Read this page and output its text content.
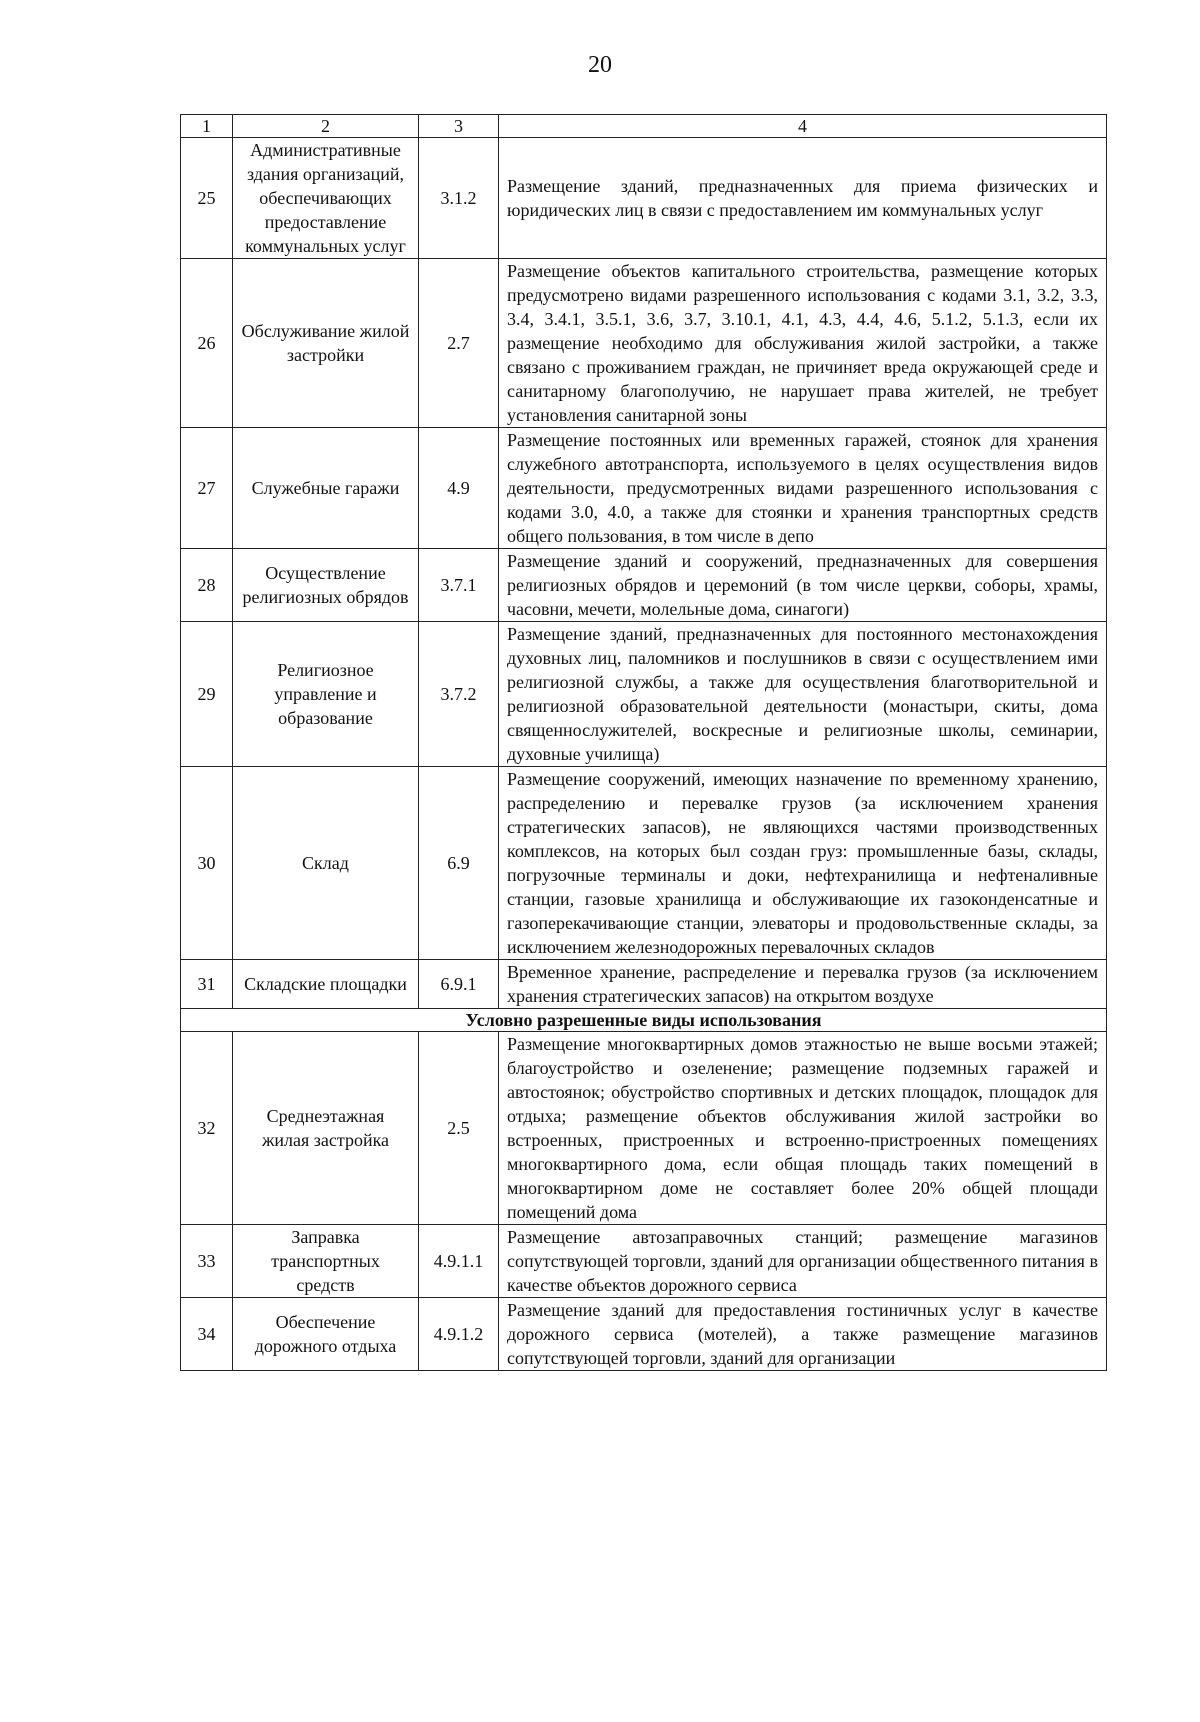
20
1	2	3	4
25	Административные здания организаций, обеспечивающих предоставление коммунальных услуг	3.1.2	Размещение зданий, предназначенных для приема физических и юридических лиц в связи с предоставлением им коммунальных услуг
26	Обслуживание жилой застройки	2.7	Размещение объектов капитального строительства, размещение которых предусмотрено видами разрешенного использования с кодами 3.1, 3.2, 3.3, 3.4, 3.4.1, 3.5.1, 3.6, 3.7, 3.10.1, 4.1, 4.3, 4.4, 4.6, 5.1.2, 5.1.3, если их размещение необходимо для обслуживания жилой застройки, а также связано с проживанием граждан, не причиняет вреда окружающей среде и санитарному благополучию, не нарушает права жителей, не требует установления санитарной зоны
27	Служебные гаражи	4.9	Размещение постоянных или временных гаражей, стоянок для хранения служебного автотранспорта, используемого в целях осуществления видов деятельности, предусмотренных видами разрешенного использования с кодами 3.0, 4.0, а также для стоянки и хранения транспортных средств общего пользования, в том числе в депо
28	Осуществление религиозных обрядов	3.7.1	Размещение зданий и сооружений, предназначенных для совершения религиозных обрядов и церемоний (в том числе церкви, соборы, храмы, часовни, мечети, молельные дома, синагоги)
29	Религиозное управление и образование	3.7.2	Размещение зданий, предназначенных для постоянного местонахождения духовных лиц, паломников и послушников в связи с осуществлением ими религиозной службы, а также для осуществления благотворительной и религиозной образовательной деятельности (монастыри, скиты, дома священнослужителей, воскресные и религиозные школы, семинарии, духовные училища)
30	Склад	6.9	Размещение сооружений, имеющих назначение по временному хранению, распределению и перевалке грузов (за исключением хранения стратегических запасов), не являющихся частями производственных комплексов, на которых был создан груз: промышленные базы, склады, погрузочные терминалы и доки, нефтехранилища и нефтеналивные станции, газовые хранилища и обслуживающие их газоконденсатные и газоперекачивающие станции, элеваторы и продовольственные склады, за исключением железнодорожных перевалочных складов
31	Складские площадки	6.9.1	Временное хранение, распределение и перевалка грузов (за исключением хранения стратегических запасов) на открытом воздухе
Условно разрешенные виды использования			
32	Среднеэтажная жилая застройка	2.5	Размещение многоквартирных домов этажностью не выше восьми этажей; благоустройство и озеленение; размещение подземных гаражей и автостоянок; обустройство спортивных и детских площадок, площадок для отдыха; размещение объектов обслуживания жилой застройки во встроенных, пристроенных и встроенно-пристроенных помещениях многоквартирного дома, если общая площадь таких помещений в многоквартирном доме не составляет более 20% общей площади помещений дома
33	Заправка транспортных средств	4.9.1.1	Размещение автозаправочных станций; размещение магазинов сопутствующей торговли, зданий для организации общественного питания в качестве объектов дорожного сервиса
34	Обеспечение дорожного отдыха	4.9.1.2	Размещение зданий для предоставления гостиничных услуг в качестве дорожного сервиса (мотелей), а также размещение магазинов сопутствующей торговли, зданий для организации
